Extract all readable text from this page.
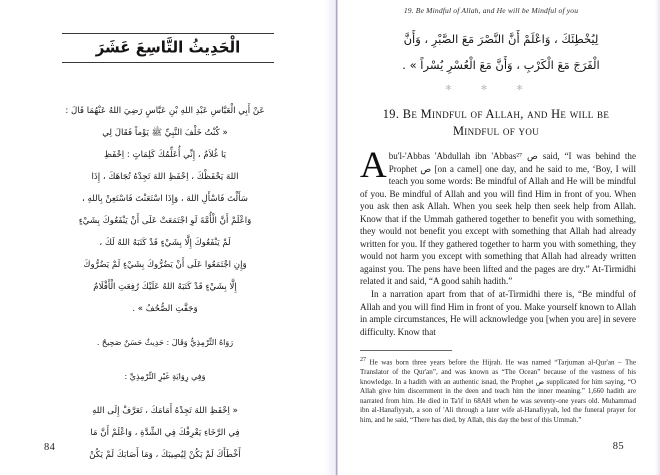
الْحَدِيثُ التَّاسِعَ عَشَرَ

عَنْ أَبِي الْعَبَّاسِ عَبْدِ اللهِ بْنِ عَبَّاسٍ رَضِيَ اللهُ عَنْهُمَا قَالَ :

« كُنْتُ خَلْفَ النَّبِيِّ ﷺ يَوْماً فَقَالَ لِي

يَا غُلاَمُ ، إِنِّي أُعَلِّمُكَ كَلِمَاتٍ : اِحْفَظِ

اللهَ يَحْفَظْكَ ، اِحْفَظِ اللهَ تَجِدْهُ تُجَاهَكَ ، إِذَا

سَأَلْتَ فَاسْأَلِ اللهَ ، وَإِذَا اسْتَعَنْتَ فَاسْتَعِنْ بِاللهِ ،

وَاعْلَمْ أَنَّ الْأُمَّةَ لَوِ اجْتَمَعَتْ عَلَى أَنْ يَنْفَعُوكَ بِشَيْءٍ

لَمْ يَنْفَعُوكَ إِلَّا بِشَيْءٍ قَدْ كَتَبَهُ اللهُ لَكَ ،

وَإِنِ اجْتَمَعُوا عَلَى أَنْ يَضُرُّوكَ بِشَيْءٍ لَمْ يَضُرُّوكَ

إِلَّا بِشَيْءٍ قَدْ كَتَبَهُ اللهُ عَلَيْكَ رُفِعَتِ الْأَقْلَامُ

وَجَفَّتِ الصُّحُفُ » .

رَوَاهُ التِّرْمِذِيُّ وَقَالَ : حَدِيثٌ حَسَنٌ صَحِيحٌ .

وَفِي رِوَايَةِ غَيْرِ التِّرْمِذِيِّ :

« اِحْفَظِ اللهَ تَجِدْهُ أَمَامَكَ ، تَعَرَّفْ إِلَى اللهِ

فِي الرَّخَاءِ يَعْرِفْكَ فِي الشِّدَّةِ ، وَاعْلَمْ أَنَّ مَا

أَخْطَأَكَ لَمْ يَكُنْ لِيُصِيبَكَ ، وَمَا أَصَابَكَ لَمْ يَكُنْ

84
19. Be Mindful of Allah, and He will be Mindful of you

لِيُخْطِئَكَ ، وَاعْلَمْ أَنَّ النَّصْرَ مَعَ الصَّبْرِ ، وَأَنَّ

الْفَرَجَ مَعَ الْكَرْبِ ، وَأَنَّ مَعَ الْعُسْرِ يُسْراً » .

✻ ✻ ✻
19. Be Mindful of Allah, and He will be Mindful of you

Abu'l-'Abbas 'Abdullah ibn 'Abbas²⁷ ص said, “I was behind the Prophet ص [on a camel] one day, and he said to me, ‘Boy, I will teach you some words: Be mindful of Allah and He will be mindful of you. Be mindful of Allah and you will find Him in front of you. When you ask then ask Allah. When you seek help then seek help from Allah. Know that if the Ummah gathered together to benefit you with something, they would not benefit you except with something that Allah had already written for you. If they gathered together to harm you with something, they would not harm you except with something that Allah had already written against you. The pens have been lifted and the pages are dry.” At-Tirmidhi related it and said, “A good sahih hadith.”

In a narration apart from that of at-Tirmidhi there is, “Be mindful of Allah and you will find Him in front of you. Make yourself known to Allah in ample circumstances, He will acknowledge you [when you are] in severe difficulty. Know that

$^{27}$ He was born three years before the Hijrah. He was named “Tarjuman al-Qur'an – The Translator of the Qur'an”, and was known as “The Ocean” because of the vastness of his knowledge. In a hadith with an authentic isnad, the Prophet ص supplicated for him saying, “O Allah give him discernment in the deen and teach him the inner meaning.” 1,660 hadith are narrated from him. He died in Ta'if in 68AH when he was seventy-one years old. Muhammad ibn al-Hanafiyyah, a son of 'Ali through a later wife al-Hanafiyyah, led the funeral prayer for him, and he said, “There has died, by Allah, this day the best of this Ummah.”

85
